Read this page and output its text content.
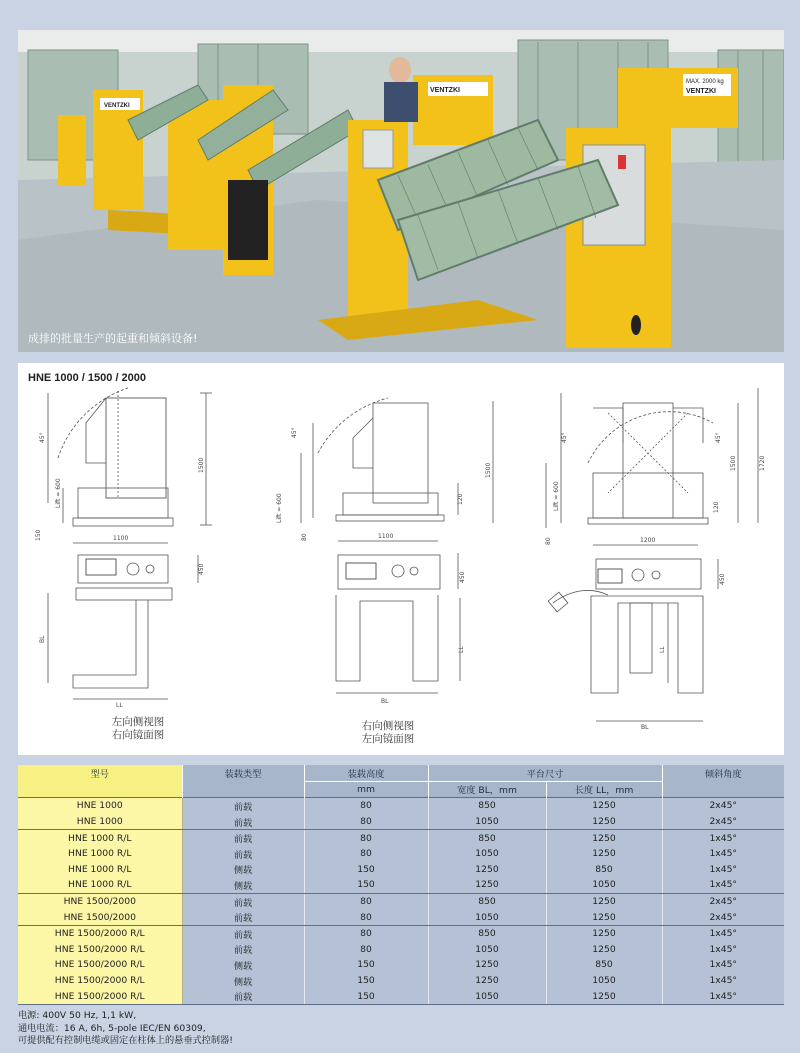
VENTZKI
VENTZKI
MAX. 2000 kg
VENTZKI
成排的批量生产的起重和倾斜设备!
45°
Lift = 600
1500
150	1100
450
BL
LL
45°
Lift = 600
80
1500
120
1100
450
LL
BL
45°	45°
Lift = 600
80
1500	1720
120
1200
450
LL
BL
HNE 1000 / 1500 / 2000
左向侧视图
右向镜面图
右向侧视图
左向镜面图
型号	装载类型	装载高度	平台尺寸		倾斜角度
		mm	宽度 BL，mm	长度 LL，mm	
HNE 1000	前载	80	850	1250	2x45°
HNE 1000	前载	80	1050	1250	2x45°
HNE 1000 R/L	前载	80	850	1250	1x45°
HNE 1000 R/L	前载	80	1050	1250	1x45°
HNE 1000 R/L	侧载	150	1250	850	1x45°
HNE 1000 R/L	侧载	150	1250	1050	1x45°
HNE 1500/2000	前载	80	850	1250	2x45°
HNE 1500/2000	前载	80	1050	1250	2x45°
HNE 1500/2000 R/L	前载	80	850	1250	1x45°
HNE 1500/2000 R/L	前载	80	1050	1250	1x45°
HNE 1500/2000 R/L	侧载	150	1250	850	1x45°
HNE 1500/2000 R/L	侧载	150	1250	1050	1x45°
HNE 1500/2000 R/L	前载	150	1050	1250	1x45°
电源: 400V 50 Hz, 1,1 kW,
通电电流：16 A, 6h, 5-pole IEC/EN 60309,
可提供配有控制电缆或固定在柱体上的悬垂式控制器!
